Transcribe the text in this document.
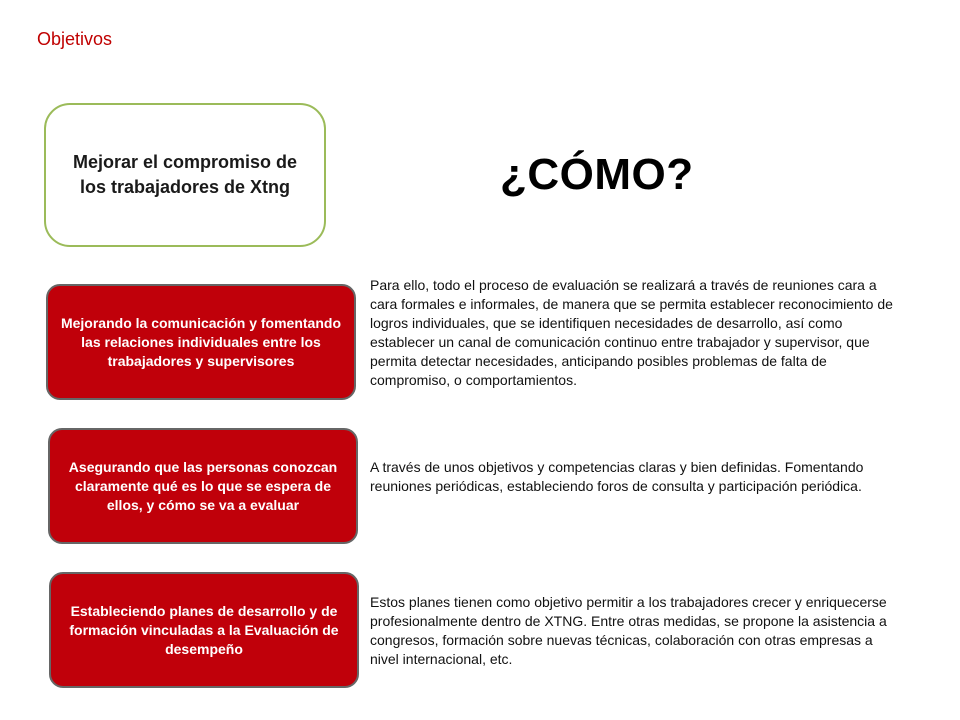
Objetivos
Mejorar el compromiso de los trabajadores de Xtng	¿CÓMO?
Mejorando la comunicación y fomentando las relaciones individuales entre los trabajadores y supervisores
Para ello, todo el proceso de evaluación se realizará a través de reuniones cara a cara formales e informales, de manera que se permita establecer reconocimiento de logros individuales, que se identifiquen necesidades de desarrollo, así como establecer un canal de comunicación continuo entre trabajador y supervisor, que permita detectar necesidades, anticipando posibles problemas de falta de compromiso, o comportamientos.
Asegurando que las personas conozcan claramente qué es lo que se espera de ellos, y cómo se va a evaluar
A través de unos objetivos y competencias claras y bien definidas. Fomentando reuniones periódicas, estableciendo foros de consulta y participación periódica.
Estableciendo planes de desarrollo y de formación vinculadas a la Evaluación de desempeño
Estos planes tienen como objetivo permitir a los trabajadores crecer y enriquecerse profesionalmente dentro de XTNG. Entre otras medidas, se propone la asistencia a congresos, formación sobre nuevas técnicas, colaboración con otras empresas a nivel internacional, etc.
